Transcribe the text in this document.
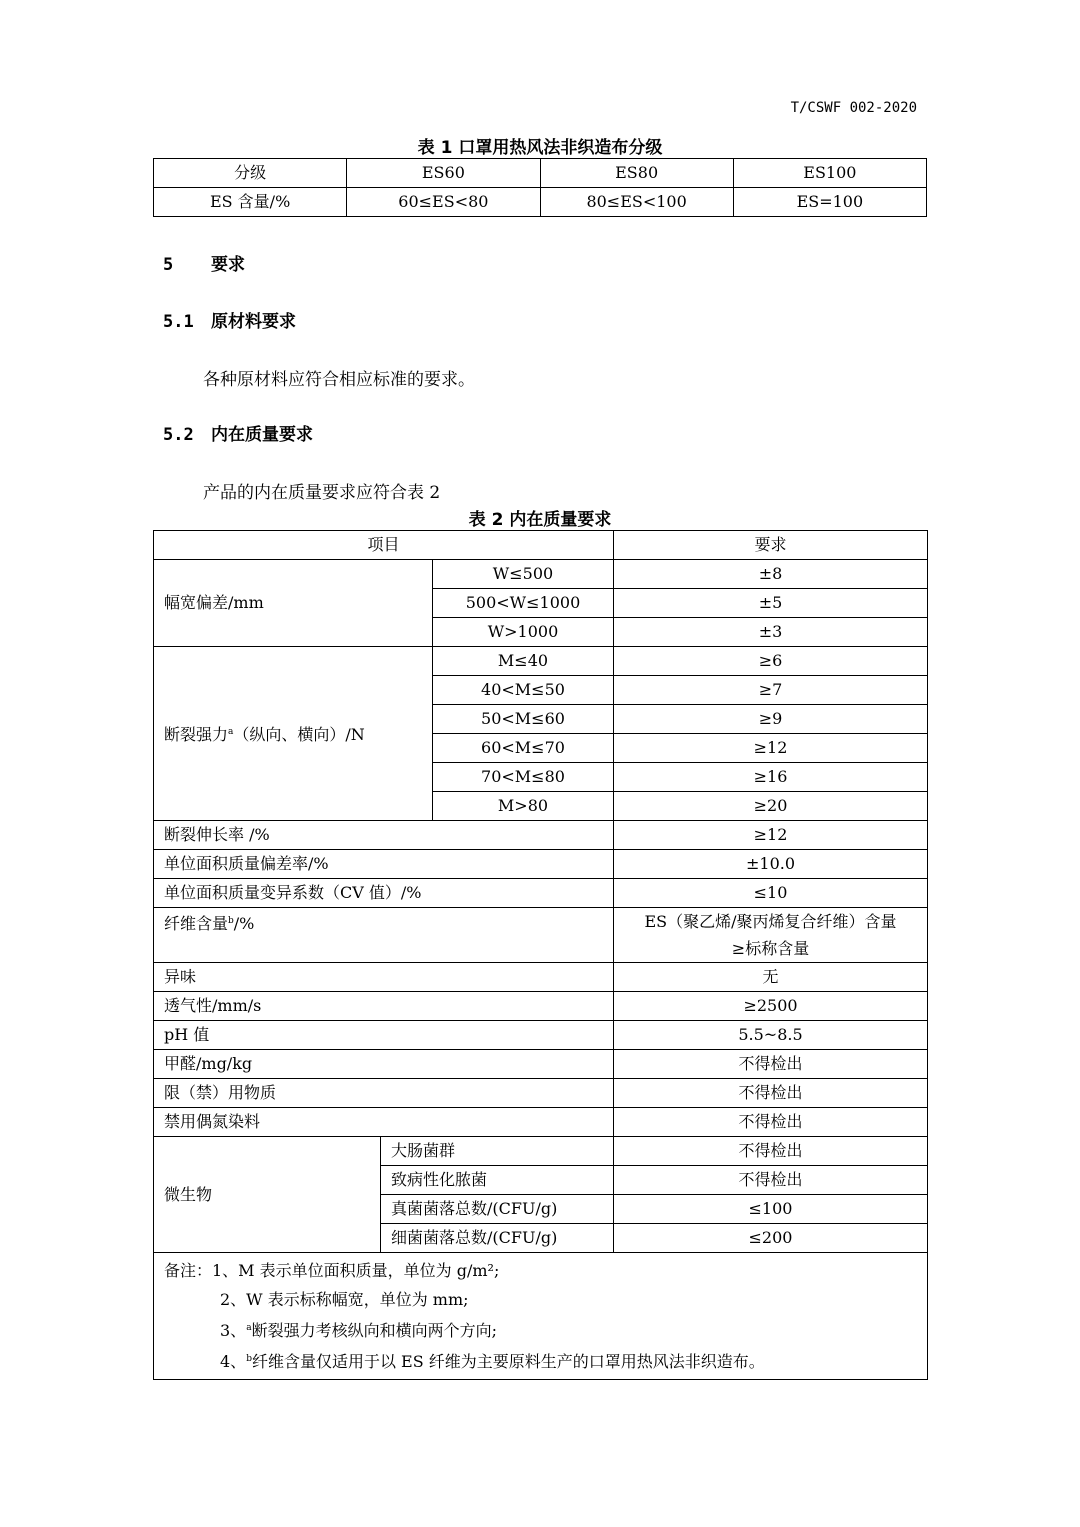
T/CSWF 002-2020
表 1 口罩用热风法非织造布分级
分级	ES60	ES80	ES100
ES 含量/%	60≤ES<80	80≤ES<100	ES=100
5 要求
5.1 原材料要求
各种原材料应符合相应标准的要求。
5.2 内在质量要求
产品的内在质量要求应符合表 2
表 2 内在质量要求
项目			要求
幅宽偏差/mm		W≤500	±8
		500<W≤1000	±5
		W>1000	±3
断裂强力$^a$（纵向、横向）/N		M≤40	≥6
		40<M≤50	≥7
		50<M≤60	≥9
		60<M≤70	≥12
		70<M≤80	≥16
		M>80	≥20
断裂伸长率 /%			≥12
单位面积质量偏差率/%			±10.0
单位面积质量变异系数（CV 值）/%			≤10
纤维含量$^b$/%			ES（聚乙烯/聚丙烯复合纤维）含量
≥标称含量

异味			无
透气性/mm/s			≥2500
pH 值			5.5~8.5
甲醛/mg/kg			不得检出
限（禁）用物质			不得检出
禁用偶氮染料			不得检出
微生物	大肠菌群		不得检出
	致病性化脓菌		不得检出
	真菌菌落总数/(CFU/g)		≤100
	细菌菌落总数/(CFU/g)		≤200

备注：1、M 表示单位面积质量，单位为 g/m²;
2、W 表示标称幅宽，单位为 mm;
3、$^a$断裂强力考核纵向和横向两个方向;
4、$^b$纤维含量仅适用于以 ES 纤维为主要原料生产的口罩用热风法非织造布。			
